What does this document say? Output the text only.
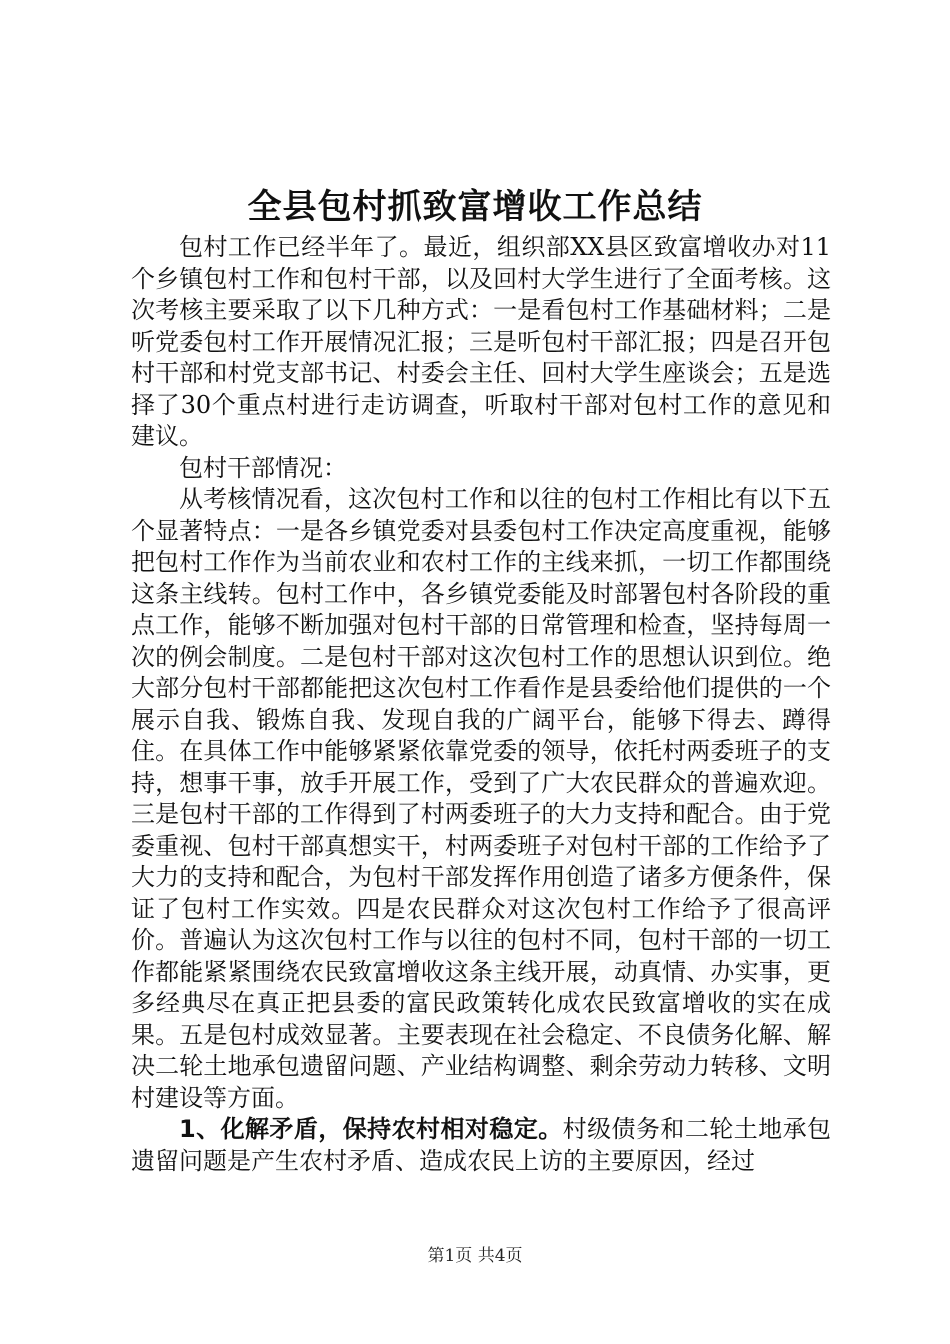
全县包村抓致富增收工作总结

包村工作已经半年了。最近，组织部XX县区致富增收办对11个乡镇包村工作和包村干部，以及回村大学生进行了全面考核。这次考核主要采取了以下几种方式：一是看包村工作基础材料；二是听党委包村工作开展情况汇报；三是听包村干部汇报；四是召开包村干部和村党支部书记、村委会主任、回村大学生座谈会；五是选择了30个重点村进行走访调查，听取村干部对包村工作的意见和建议。

包村干部情况：

从考核情况看，这次包村工作和以往的包村工作相比有以下五个显著特点：一是各乡镇党委对县委包村工作决定高度重视，能够把包村工作作为当前农业和农村工作的主线来抓，一切工作都围绕这条主线转。包村工作中，各乡镇党委能及时部署包村各阶段的重点工作，能够不断加强对包村干部的日常管理和检查，坚持每周一次的例会制度。二是包村干部对这次包村工作的思想认识到位。绝大部分包村干部都能把这次包村工作看作是县委给他们提供的一个展示自我、锻炼自我、发现自我的广阔平台，能够下得去、蹲得住。在具体工作中能够紧紧依靠党委的领导，依托村两委班子的支持，想事干事，放手开展工作，受到了广大农民群众的普遍欢迎。三是包村干部的工作得到了村两委班子的大力支持和配合。由于党委重视、包村干部真想实干，村两委班子对包村干部的工作给予了大力的支持和配合，为包村干部发挥作用创造了诸多方便条件，保证了包村工作实效。四是农民群众对这次包村工作给予了很高评价。普遍认为这次包村工作与以往的包村不同，包村干部的一切工作都能紧紧围绕农民致富增收这条主线开展，动真情、办实事，更多经典尽在真正把县委的富民政策转化成农民致富增收的实在成果。五是包村成效显著。主要表现在社会稳定、不良债务化解、解决二轮土地承包遗留问题、产业结构调整、剩余劳动力转移、文明村建设等方面。

1、化解矛盾，保持农村相对稳定。村级债务和二轮土地承包遗留问题是产生农村矛盾、造成农民上访的主要原因，经过

第1页 共4页
